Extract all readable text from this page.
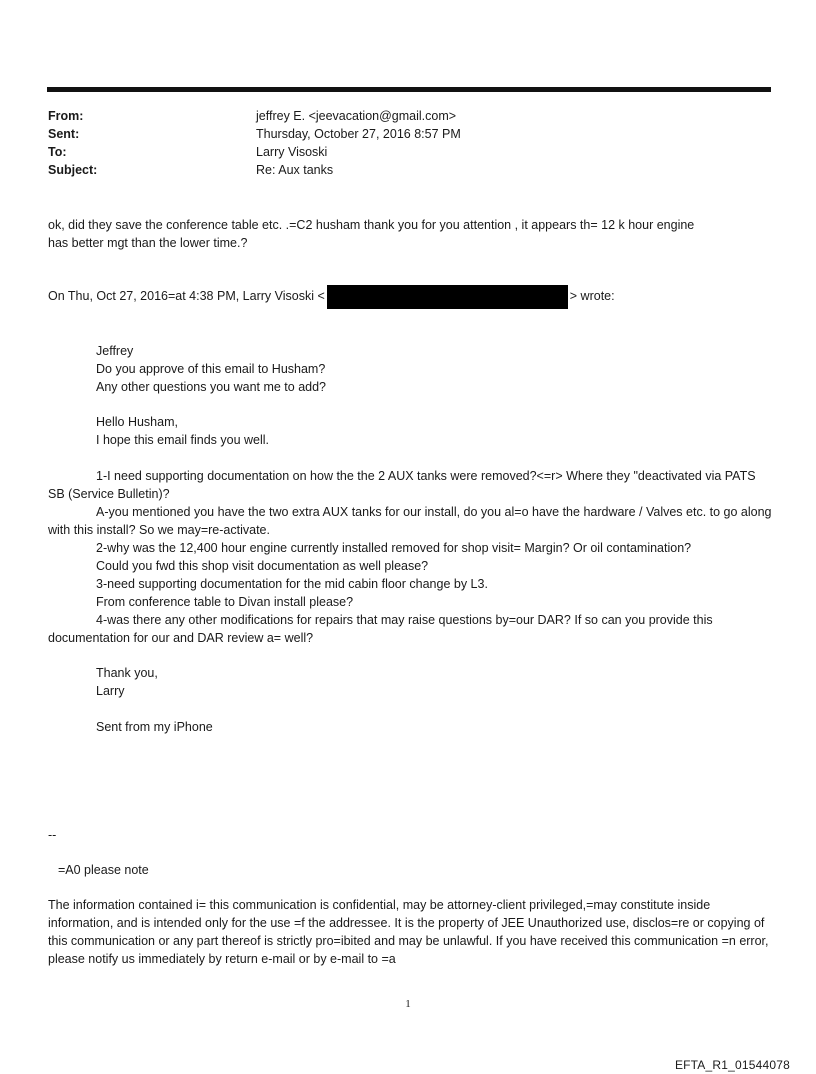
From:	jeffrey E. <jeevacation@gmail.com>
Sent:	Thursday, October 27, 2016 8:57 PM
To:	Larry Visoski
Subject:	Re: Aux tanks

ok, did they save the conference table etc. .=C2 husham thank you for you attention , it appears th= 12 k hour engine

has better mgt than the lower time.?

On Thu, Oct 27, 2016=at 4:38 PM, Larry Visoski <	> wrote:

Jeffrey

Do you approve of this email to Husham?

Any other questions you want me to add?

Hello Husham,

I hope this email finds you well.

1-I need supporting documentation on how the the 2 AUX tanks were removed?<=r> Where they "deactivated via PATS SB (Service Bulletin)?

A-you mentioned you have the two extra AUX tanks for our install, do you al=o have the hardware / Valves etc. to go along with this install? So we may=re-activate.

2-why was the 12,400 hour engine currently installed removed for shop visit= Margin? Or oil contamination?

Could you fwd this shop visit documentation as well please?

3-need supporting documentation for the mid cabin floor change by L3.

From conference table to Divan install please?

4-was there any other modifications for repairs that may raise questions by=our DAR? If so can you provide this documentation for our and DAR review a= well?

Thank you,

Larry

Sent from my iPhone

--

=A0 please note

The information contained i= this communication is confidential, may be attorney-client privileged,=may constitute inside information, and is intended only for the use =f the addressee. It is the property of JEE Unauthorized use, disclos=re or copying of this communication or any part thereof is strictly pro=ibited and may be unlawful. If you have received this communication =n error, please notify us immediately by return e-mail or by e-mail to =a

1
EFTA_R1_01544078
